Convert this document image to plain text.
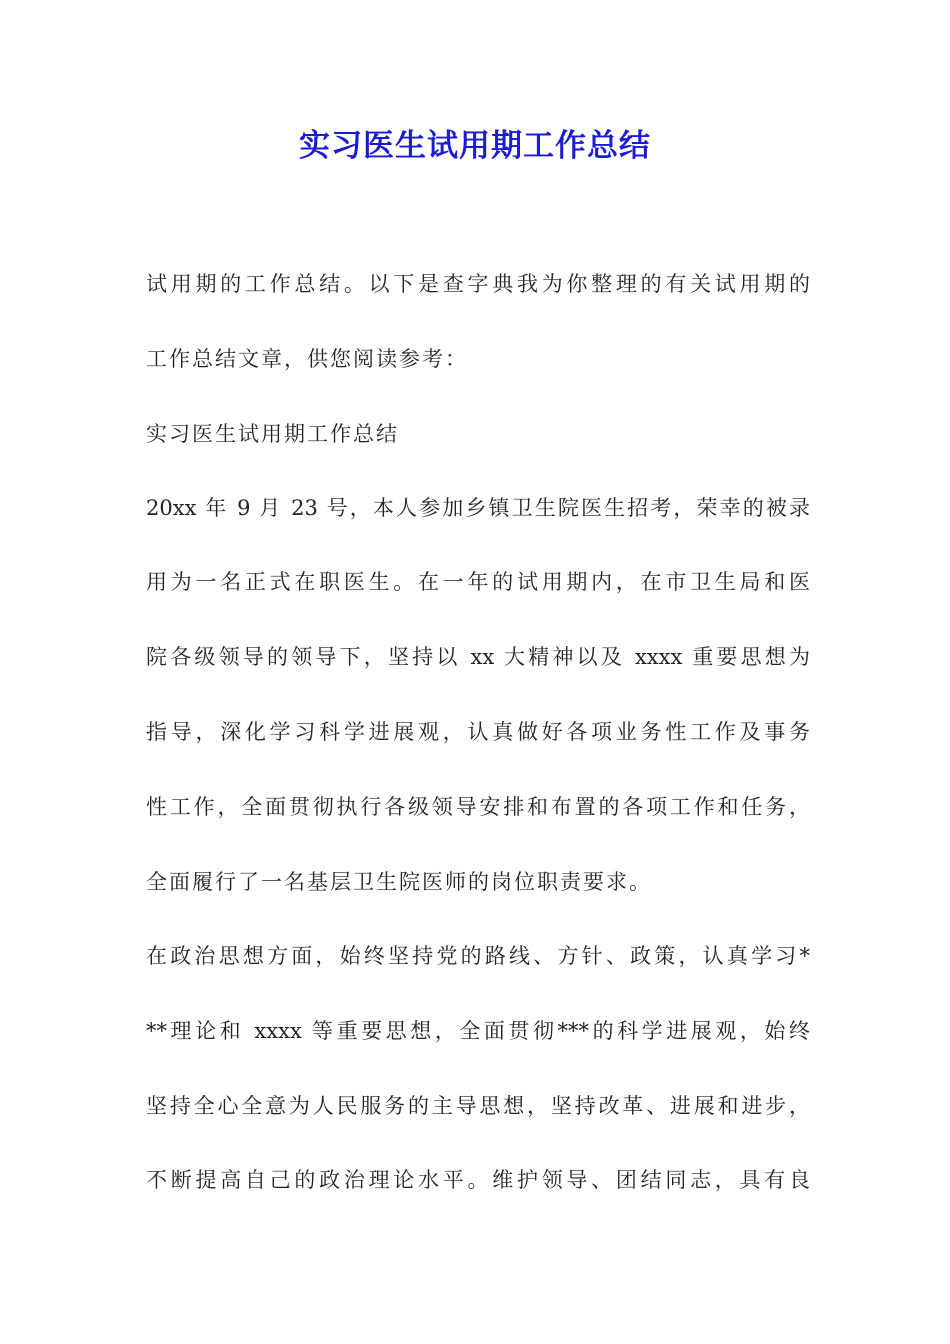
实习医生试用期工作总结
试用期的工作总结。以下是查字典我为你整理的有关试用期的
工作总结文章，供您阅读参考：
实习医生试用期工作总结
20xx 年 9 月 23 号，本人参加乡镇卫生院医生招考，荣幸的被录
用为一名正式在职医生。在一年的试用期内，在市卫生局和医
院各级领导的领导下，坚持以 xx 大精神以及 xxxx 重要思想为
指导，深化学习科学进展观，认真做好各项业务性工作及事务
性工作，全面贯彻执行各级领导安排和布置的各项工作和任务，
全面履行了一名基层卫生院医师的岗位职责要求。
在政治思想方面，始终坚持党的路线、方针、政策，认真学习*
**理论和 xxxx 等重要思想，全面贯彻***的科学进展观，始终
坚持全心全意为人民服务的主导思想，坚持改革、进展和进步，
不断提高自己的政治理论水平。维护领导、团结同志，具有良
